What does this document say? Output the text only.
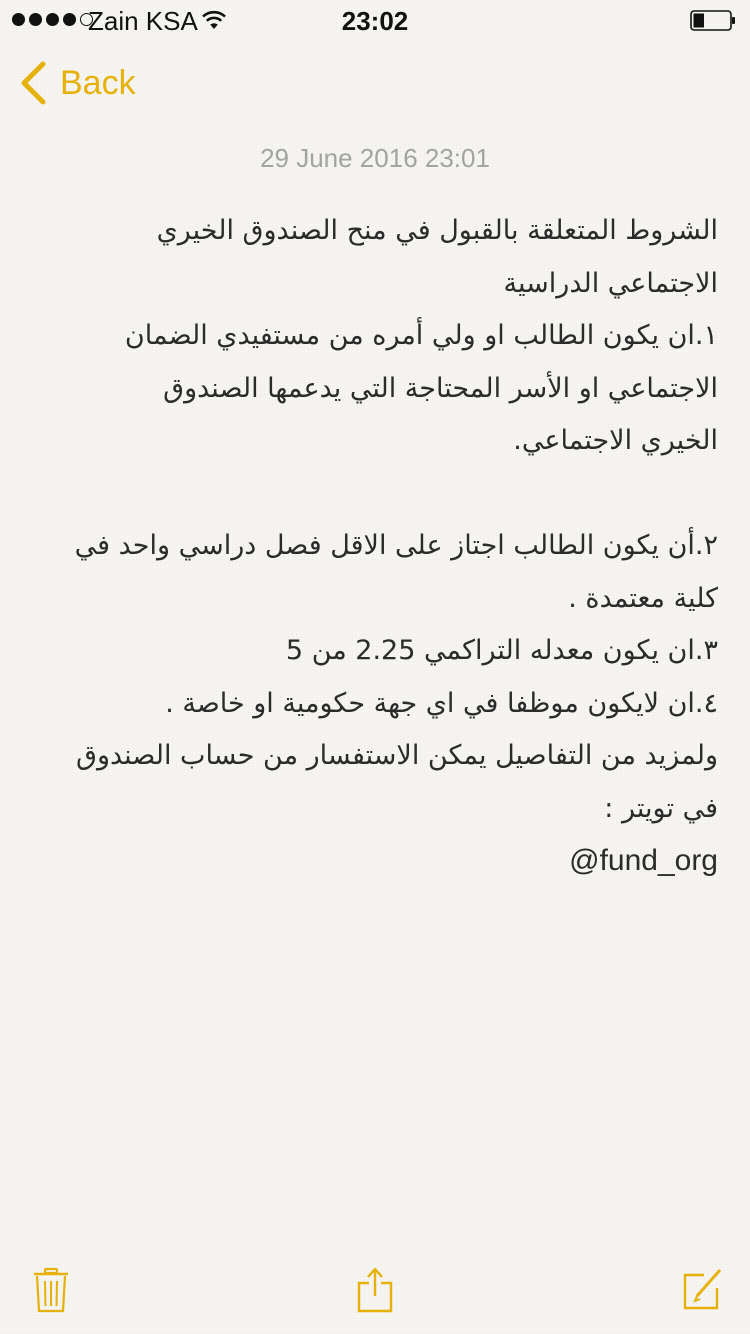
Zain KSA	23:02
Back
29 June 2016 23:01
الشروط المتعلقة بالقبول في منح الصندوق الخيري
الاجتماعي الدراسية
١.ان يكون الطالب او ولي أمره من مستفيدي الضمان
الاجتماعي او الأسر المحتاجة التي يدعمها الصندوق
الخيري الاجتماعي.
٢.أن يكون الطالب اجتاز على الاقل فصل دراسي واحد في
كلية معتمدة .
٣.ان يكون معدله التراكمي 2.25 من 5
٤.ان لايكون موظفا في اي جهة حكومية او خاصة .
ولمزيد من التفاصيل يمكن الاستفسار من حساب الصندوق
في تويتر :
@fund_org
